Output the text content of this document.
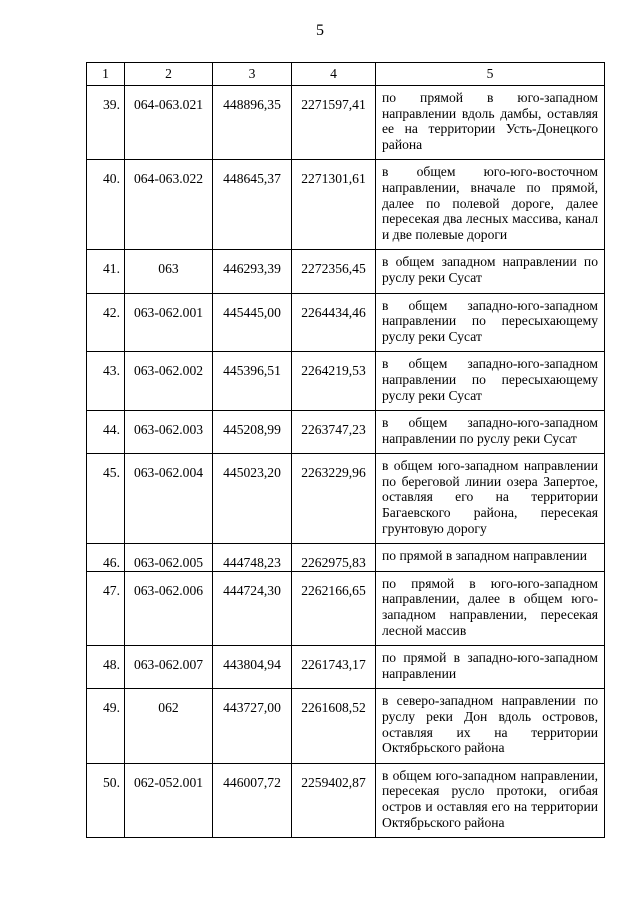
5
1	2	3	4	5
39.	064-063.021	448896,35	2271597,41	по прямой в юго-западном направлении вдоль дамбы, оставляя ее на территории Усть-Донецкого района

40.	064-063.022	448645,37	2271301,61	в общем юго-юго-восточном направлении, вначале по прямой, далее по полевой дороге, далее пересекая два лесных массива, канал и две полевые дороги

41.	063	446293,39	2272356,45	в общем западном направлении по руслу реки Сусат

42.	063-062.001	445445,00	2264434,46	в общем западно-юго-западном направлении по пересыхающему руслу реки Сусат

43.	063-062.002	445396,51	2264219,53	в общем западно-юго-западном направлении по пересыхающему руслу реки Сусат

44.	063-062.003	445208,99	2263747,23	в общем западно-юго-западном направлении по руслу реки Сусат

45.	063-062.004	445023,20	2263229,96	в общем юго-западном направлении по береговой линии озера Запертое, оставляя его на территории Багаевского района, пересекая грунтовую дорогу

46.	063-062.005	444748,23	2262975,83	по прямой в западном направлении

47.	063-062.006	444724,30	2262166,65	по прямой в юго-юго-западном направлении, далее в общем юго-западном направлении, пересекая лесной массив

48.	063-062.007	443804,94	2261743,17	по прямой в западно-юго-западном направлении

49.	062	443727,00	2261608,52	в северо-западном направлении по руслу реки Дон вдоль островов, оставляя их на территории Октябрьского района

50.	062-052.001	446007,72	2259402,87	в общем юго-западном направлении, пересекая русло протоки, огибая остров и оставляя его на территории Октябрьского района
